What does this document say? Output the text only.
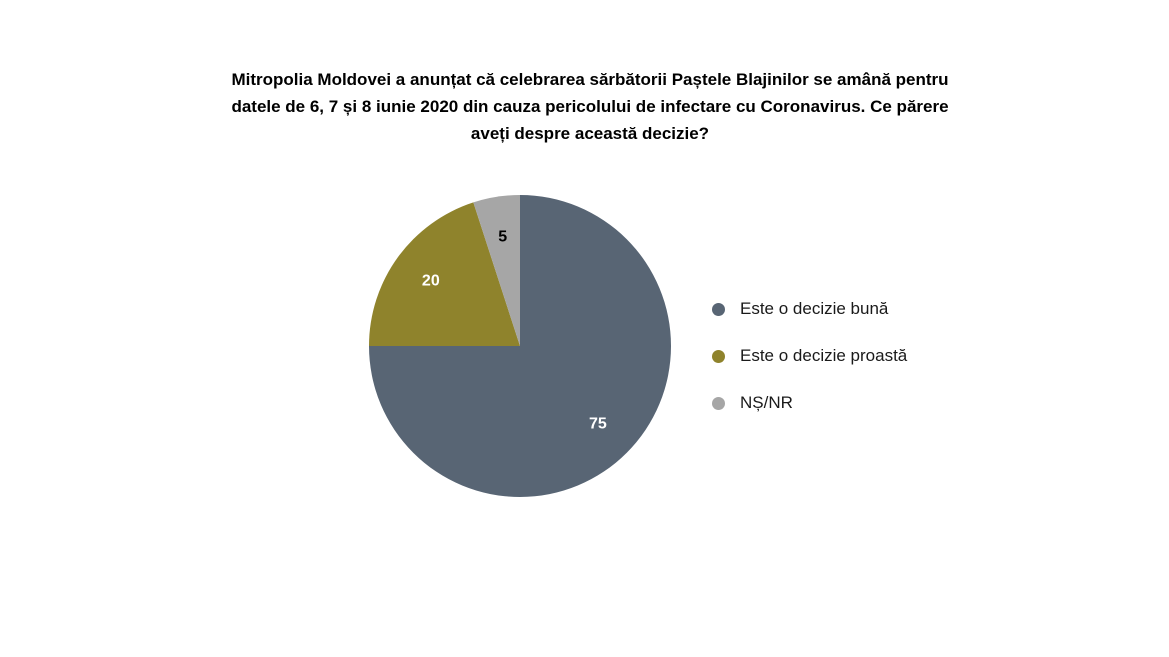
Mitropolia Moldovei a anunțat că celebrarea sărbătorii Paștele Blajinilor se amână pentru
datele de 6, 7 și 8 iunie 2020 din cauza pericolului de infectare cu Coronavirus. Ce părere
aveți despre această decizie?
75
20
5
Este o decizie bună
Este o decizie proastă
NȘ/NR
